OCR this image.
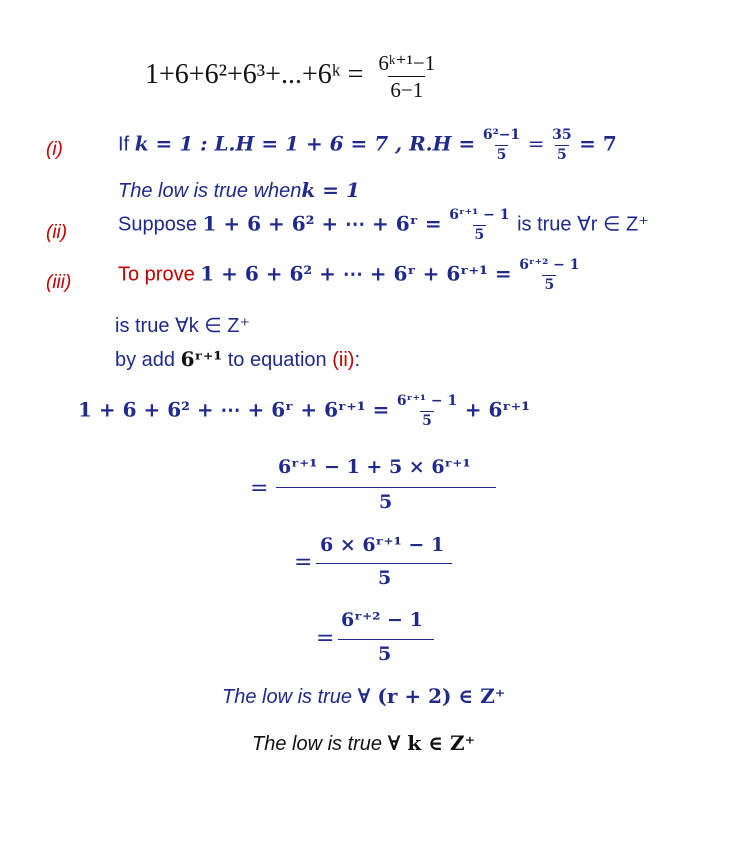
1+6+6²+6³+...+6ᵏ = $\frac{\text{6ᵏ⁺¹−1}}{6-1}$
(i)	If k = 1 : L.H = 1 + 6 = 7 , $R.H = \frac{\text{6²−1}}{5} = \frac{35}{5} = 7$
The low is true whenk = 1
(ii)	Suppose 1 + 6 + 6² + ⋯ + 6ʳ = $\frac{\text{6ʳ⁺¹ − 1}}{5}$ is true ∀r ∈ Z⁺
(iii) To prove 1 + 6 + 6² + ⋯ + 6ʳ + 6ʳ⁺¹ = $\frac{\text{6ʳ⁺² − 1}}{5}$
is true ∀k ∈ Z⁺
by add 6ʳ⁺¹ to equation (ii):
1 + 6 + 6² + ⋯ + 6ʳ + 6ʳ⁺¹ = $\frac{\text{6ʳ⁺¹ − 1}}{5}$ + 6ʳ⁺¹
=
6ʳ⁺¹ − 1 + 5 × 6ʳ⁺¹
5
=
6 × 6ʳ⁺¹ − 1
5
=
6ʳ⁺² − 1
5
The low is true ∀ (r + 2) ∈ Z⁺
The low is true ∀ k ∈ Z⁺
